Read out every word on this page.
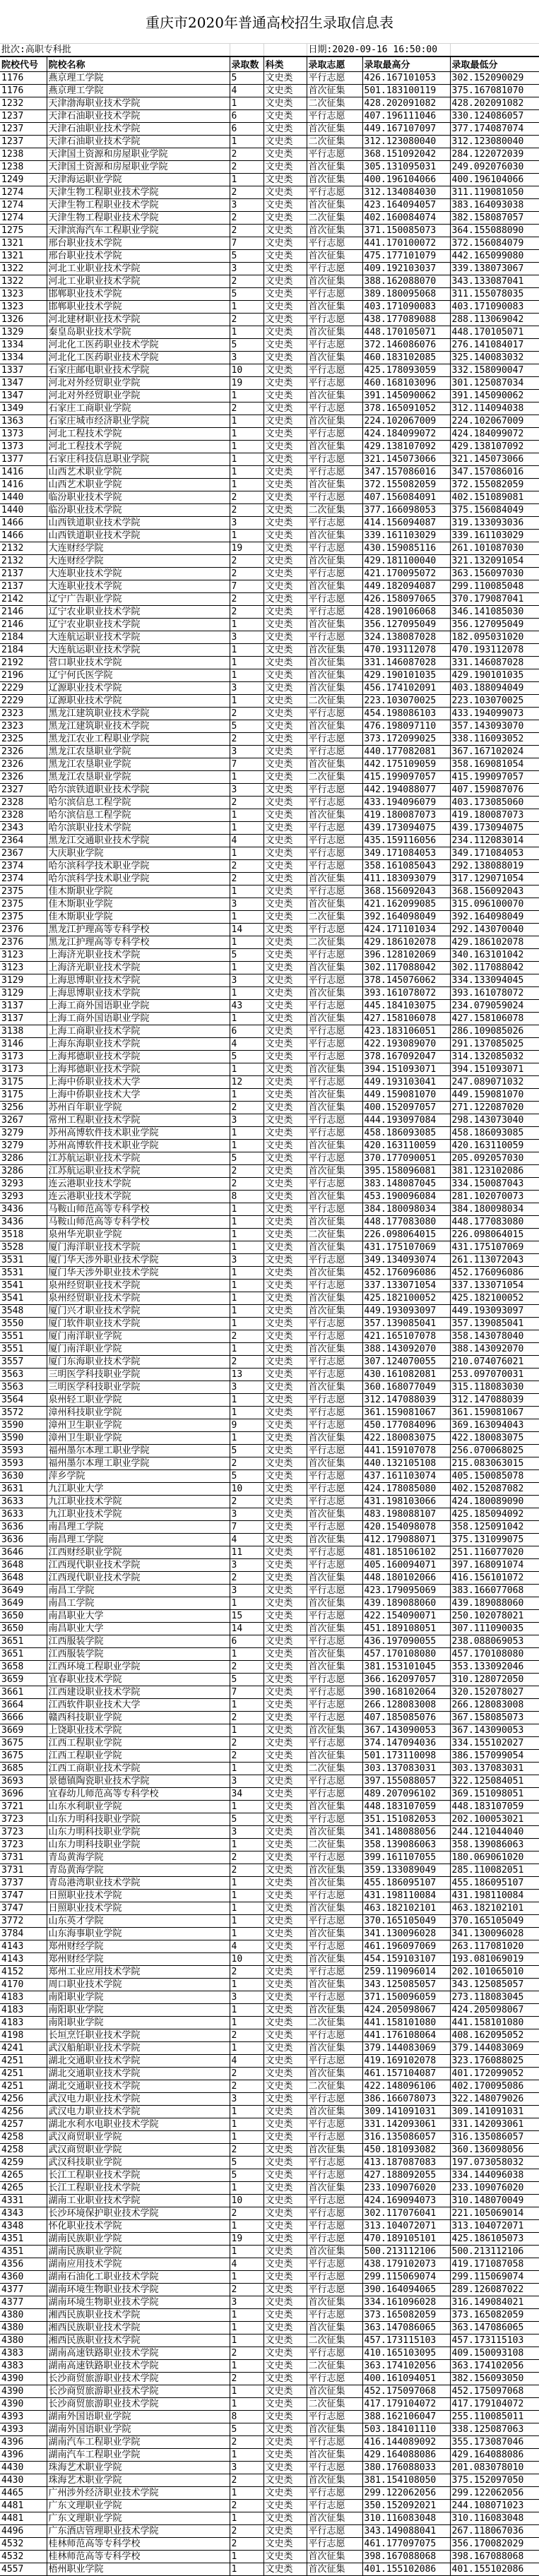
重庆市2020年普通高校招生录取信息表
批次:高职专科批				日期:2020-09-16 16:50:00		
院校代号	院校名称	录取数	科类	录取志愿	录取最高分	录取最低分
1176	燕京理工学院	5	文史类	平行志愿	426.167101053	302.152090029
1176	燕京理工学院	4	文史类	首次征集	501.183100119	375.167081070
1232	天津渤海职业技术学院	1	文史类	二次征集	428.202091082	428.202091082
1237	天津石油职业技术学院	6	文史类	平行志愿	407.196111046	330.124086057
1237	天津石油职业技术学院	6	文史类	首次征集	449.167107097	377.174087074
1237	天津石油职业技术学院	1	文史类	二次征集	312.123080040	312.123080040
1238	天津国土资源和房屋职业学院	2	文史类	平行志愿	368.151092042	284.122072039
1238	天津国土资源和房屋职业学院	2	文史类	首次征集	305.131095031	249.092076030
1249	天津海运职业学院	1	文史类	首次征集	400.196104066	400.196104066
1274	天津生物工程职业技术学院	2	文史类	平行志愿	312.134084030	311.119081050
1274	天津生物工程职业技术学院	3	文史类	首次征集	423.164094057	383.164093038
1274	天津生物工程职业技术学院	2	文史类	二次征集	402.160084074	382.158087057
1275	天津滨海汽车工程职业学院	2	文史类	首次征集	371.150085073	364.155088090
1321	邢台职业技术学院	7	文史类	平行志愿	441.170100072	372.156084079
1321	邢台职业技术学院	5	文史类	首次征集	475.177101079	442.165099080
1322	河北工业职业技术学院	3	文史类	平行志愿	409.192103037	339.138073067
1322	河北工业职业技术学院	2	文史类	首次征集	388.162088070	343.133087041
1323	邯郸职业技术学院	5	文史类	平行志愿	389.180095068	311.155078035
1323	邯郸职业技术学院	1	文史类	首次征集	403.171090083	403.171090083
1326	河北建材职业技术学院	2	文史类	平行志愿	438.177089088	288.113069042
1329	秦皇岛职业技术学院	1	文史类	首次征集	448.170105071	448.170105071
1334	河北化工医药职业技术学院	5	文史类	平行志愿	372.146086076	276.141084017
1334	河北化工医药职业技术学院	3	文史类	首次征集	460.183102085	325.140083032
1337	石家庄邮电职业技术学院	10	文史类	平行志愿	425.178093059	332.158090047
1347	河北对外经贸职业学院	19	文史类	平行志愿	460.168103096	301.125087034
1347	河北对外经贸职业学院	1	文史类	首次征集	391.145090062	391.145090062
1349	石家庄工商职业学院	2	文史类	平行志愿	378.165091052	312.114094038
1363	石家庄城市经济职业学院	1	文史类	首次征集	224.102067009	224.102067009
1373	河北工程技术学院	1	文史类	平行志愿	424.184099072	424.184099072
1373	河北工程技术学院	1	文史类	首次征集	429.138107092	429.138107092
1377	石家庄科技信息职业学院	1	文史类	平行志愿	321.145073066	321.145073066
1416	山西艺术职业学院	1	文史类	平行志愿	347.157086016	347.157086016
1416	山西艺术职业学院	1	文史类	首次征集	372.155082059	372.155082059
1440	临汾职业技术学院	2	文史类	平行志愿	407.156084091	402.151089081
1440	临汾职业技术学院	2	文史类	二次征集	377.166098053	375.156084049
1466	山西铁道职业技术学院	3	文史类	平行志愿	414.156094087	319.133093036
1466	山西铁道职业技术学院	1	文史类	首次征集	339.161103029	339.161103029
2132	大连财经学院	19	文史类	平行志愿	430.159085116	261.101087030
2132	大连财经学院	2	文史类	首次征集	429.181100040	321.132091054
2137	大连职业技术学院	2	文史类	平行志愿	421.170095072	363.156097030
2137	大连职业技术学院	7	文史类	首次征集	449.182094087	299.110085048
2142	辽宁广告职业学院	2	文史类	平行志愿	426.158097065	370.179087041
2146	辽宁农业职业技术学院	2	文史类	平行志愿	428.190106068	346.141085030
2146	辽宁农业职业技术学院	1	文史类	首次征集	356.127095049	356.127095049
2184	大连航运职业技术学院	3	文史类	平行志愿	324.138087028	182.095031020
2184	大连航运职业技术学院	1	文史类	首次征集	470.193112078	470.193112078
2192	营口职业技术学院	1	文史类	首次征集	331.146087028	331.146087028
2196	辽宁何氏医学院	1	文史类	首次征集	429.190101035	429.190101035
2229	辽源职业技术学院	3	文史类	首次征集	456.174102091	403.188094049
2229	辽源职业技术学院	1	文史类	二次征集	223.103070025	223.103070025
2323	黑龙江建筑职业技术学院	2	文史类	平行志愿	454.198086103	433.194099073
2323	黑龙江建筑职业技术学院	5	文史类	首次征集	476.198097110	357.143093070
2325	黑龙江农业工程职业学院	2	文史类	平行志愿	373.172099025	338.116093052
2326	黑龙江农垦职业学院	3	文史类	平行志愿	440.177082081	367.167102024
2326	黑龙江农垦职业学院	7	文史类	首次征集	442.175109059	358.169081054
2326	黑龙江农垦职业学院	1	文史类	二次征集	415.199097057	415.199097057
2327	哈尔滨铁道职业技术学院	3	文史类	平行志愿	442.194088077	407.159087076
2328	哈尔滨信息工程学院	2	文史类	平行志愿	433.194096079	403.173085060
2328	哈尔滨信息工程学院	1	文史类	首次征集	419.180087073	419.180087073
2343	哈尔滨职业技术学院	1	文史类	平行志愿	439.173094075	439.173094075
2364	黑龙江交通职业技术学院	4	文史类	平行志愿	435.159116056	234.112083014
2367	大庆职业学院	1	文史类	平行志愿	349.171084053	349.171084053
2374	哈尔滨科学技术职业学院	2	文史类	平行志愿	358.161085043	292.138088019
2374	哈尔滨科学技术职业学院	2	文史类	首次征集	411.183093079	317.129071054
2375	佳木斯职业学院	1	文史类	平行志愿	368.156092043	368.156092043
2375	佳木斯职业学院	3	文史类	首次征集	421.162099085	315.096100070
2375	佳木斯职业学院	1	文史类	二次征集	392.164098049	392.164098049
2376	黑龙江护理高等专科学校	14	文史类	平行志愿	424.171101034	292.143070040
2376	黑龙江护理高等专科学校	1	文史类	二次征集	429.186102078	429.186102078
3123	上海济光职业技术学院	5	文史类	平行志愿	396.128102069	340.163101042
3123	上海济光职业技术学院	1	文史类	首次征集	302.117088042	302.117088042
3129	上海思博职业技术学院	3	文史类	平行志愿	378.145076062	334.133094045
3129	上海思博职业技术学院	1	文史类	首次征集	393.161078072	393.161078072
3137	上海工商外国语职业学院	43	文史类	平行志愿	445.184103075	234.079059024
3137	上海工商外国语职业学院	1	文史类	首次征集	427.158106078	427.158106078
3138	上海工商职业技术学院	6	文史类	平行志愿	423.183106051	286.109085026
3146	上海东海职业技术学院	4	文史类	平行志愿	422.193089070	291.137085025
3173	上海邦德职业技术学院	5	文史类	平行志愿	378.167092047	314.132085032
3173	上海邦德职业技术学院	1	文史类	首次征集	394.151093071	394.151093071
3175	上海中侨职业技术大学	12	文史类	平行志愿	449.193103041	247.089071032
3175	上海中侨职业技术大学	1	文史类	首次征集	449.159081070	449.159081070
3256	苏州百年职业学院	2	文史类	首次征集	400.152097057	271.122087020
3267	常州工程职业技术学院	3	文史类	平行志愿	444.193097084	298.143073040
3279	苏州高博软件技术职业学院	1	文史类	平行志愿	458.186093085	458.186093085
3279	苏州高博软件技术职业学院	1	文史类	首次征集	420.163110059	420.163110059
3286	江苏航运职业技术学院	5	文史类	平行志愿	370.177090051	205.092057030
3286	江苏航运职业技术学院	2	文史类	首次征集	395.158096081	381.123102086
3293	连云港职业技术学院	2	文史类	平行志愿	383.148087045	334.150087043
3293	连云港职业技术学院	8	文史类	首次征集	453.190096084	281.102070073
3436	马鞍山师范高等专科学校	1	文史类	平行志愿	384.180098034	384.180098034
3436	马鞍山师范高等专科学校	1	文史类	首次征集	448.177083080	448.177083080
3518	泉州华光职业学院	1	文史类	二次征集	226.098064015	226.098064015
3528	厦门海洋职业技术学院	1	文史类	首次征集	431.175107069	431.175107069
3531	厦门华天涉外职业技术学院	3	文史类	平行志愿	349.134093074	261.113072043
3531	厦门华天涉外职业技术学院	1	文史类	首次征集	452.176096086	452.176096086
3541	泉州经贸职业技术学院	1	文史类	平行志愿	337.133071054	337.133071054
3541	泉州经贸职业技术学院	1	文史类	首次征集	425.182100052	425.182100052
3548	厦门兴才职业技术学院	1	文史类	首次征集	449.193093097	449.193093097
3550	厦门软件职业技术学院	1	文史类	平行志愿	357.139085041	357.139085041
3551	厦门南洋职业学院	2	文史类	平行志愿	421.165107078	358.143078040
3551	厦门南洋职业学院	1	文史类	首次征集	388.143092070	388.143092070
3557	厦门东海职业技术学院	2	文史类	平行志愿	307.124070055	210.074076021
3563	三明医学科技职业学院	13	文史类	平行志愿	430.161082081	253.097070031
3563	三明医学科技职业学院	3	文史类	首次征集	360.168077049	315.118083030
3564	泉州轻工职业学院	1	文史类	平行志愿	312.147088039	312.147088039
3572	漳州科技职业学院	1	文史类	平行志愿	361.159081067	361.159081067
3590	漳州卫生职业学院	9	文史类	平行志愿	450.177084096	369.163094043
3590	漳州卫生职业学院	1	文史类	首次征集	422.180083075	422.180083075
3593	福州墨尔本理工职业学院	5	文史类	平行志愿	441.159107078	256.070068025
3593	福州墨尔本理工职业学院	2	文史类	首次征集	440.132105108	215.083063015
3630	萍乡学院	5	文史类	平行志愿	437.161103074	405.150085078
3631	九江职业大学	10	文史类	平行志愿	424.178085080	402.152087082
3633	九江职业技术学院	2	文史类	平行志愿	431.198103066	424.180089090
3633	九江职业技术学院	3	文史类	首次征集	483.198088107	425.185094092
3636	南昌理工学院	7	文史类	平行志愿	420.154098078	358.125091042
3636	南昌理工学院	4	文史类	首次征集	412.179088071	375.131099075
3646	江西财经职业学院	11	文史类	平行志愿	481.185106102	251.116077020
3648	江西现代职业技术学院	3	文史类	平行志愿	405.160094071	397.168091074
3648	江西现代职业技术学院	2	文史类	首次征集	448.180102066	416.156101072
3649	南昌工学院	3	文史类	平行志愿	423.179095069	383.166077068
3649	南昌工学院	1	文史类	首次征集	439.189088060	439.189088060
3650	南昌职业大学	15	文史类	平行志愿	422.154090071	250.102078021
3650	南昌职业大学	14	文史类	首次征集	451.189108051	307.111090035
3651	江西服装学院	6	文史类	平行志愿	436.197090055	238.088069053
3651	江西服装学院	1	文史类	首次征集	457.170108080	457.170108080
3658	江西环境工程职业学院	2	文史类	首次征集	381.153101045	353.133092046
3659	宜春职业技术学院	5	文史类	平行志愿	366.162097057	310.128072050
3661	江西建设职业技术学院	7	文史类	平行志愿	390.168102064	320.152078027
3664	江西软件职业技术大学	1	文史类	平行志愿	266.128083008	266.128083008
3666	赣西科技职业学院	2	文史类	平行志愿	407.185085076	367.158085073
3669	上饶职业技术学院	1	文史类	首次征集	367.143090053	367.143090053
3675	江西工程职业学院	2	文史类	平行志愿	374.147094036	334.155102027
3675	江西工程职业学院	2	文史类	首次征集	501.173110098	386.157099054
3685	江西工商职业技术学院	1	文史类	二次征集	303.137083031	303.137083031
3693	景德镇陶瓷职业技术学院	3	文史类	平行志愿	397.155088057	322.125084051
3696	宜春幼儿师范高等专科学校	34	文史类	平行志愿	489.207096102	369.151098051
3721	山东水利职业学院	1	文史类	首次征集	448.183107059	448.183107059
3723	山东力明科技职业学院	5	文史类	平行志愿	351.151082053	202.100053021
3723	山东力明科技职业学院	3	文史类	首次征集	341.148088056	244.121044040
3723	山东力明科技职业学院	1	文史类	二次征集	358.139086063	358.139086063
3731	青岛黄海学院	2	文史类	平行志愿	399.161107055	180.069061020
3731	青岛黄海学院	2	文史类	首次征集	359.133089049	285.110082051
3737	青岛港湾职业技术学院	1	文史类	首次征集	455.186095107	455.186095107
3747	日照职业技术学院	1	文史类	平行志愿	431.198110084	431.198110084
3747	日照职业技术学院	1	文史类	首次征集	463.182102101	463.182102101
3772	山东英才学院	1	文史类	平行志愿	370.165105049	370.165105049
3784	山东海事职业学院	1	文史类	首次征集	341.130096028	341.130096028
4143	郑州财经学院	4	文史类	平行志愿	461.196097069	263.117081020
4143	郑州财经学院	10	文史类	首次征集	454.159103107	193.081069019
4152	郑州工业应用技术学院	2	文史类	平行志愿	259.119096014	202.101065010
4170	周口职业技术学院	1	文史类	首次征集	343.125085057	343.125085057
4183	南阳职业学院	3	文史类	平行志愿	371.150096059	273.118083045
4183	南阳职业学院	1	文史类	首次征集	424.205098067	424.205098067
4183	南阳职业学院	1	文史类	二次征集	441.158101080	441.158101080
4198	长垣烹饪职业技术学院	2	文史类	平行志愿	441.176108064	408.162095052
4241	武汉船舶职业技术学院	1	文史类	首次征集	379.144083069	379.144083069
4251	湖北交通职业技术学院	4	文史类	平行志愿	419.169102078	323.176088025
4251	湖北交通职业技术学院	2	文史类	首次征集	461.157104087	401.172099052
4251	湖北交通职业技术学院	2	文史类	二次征集	422.148096106	402.170095086
4256	武汉电力职业技术学院	3	文史类	平行志愿	386.166078073	322.148079026
4256	武汉电力职业技术学院	1	文史类	首次征集	309.141091031	309.141091031
4257	湖北水利水电职业技术学院	1	文史类	平行志愿	331.142093061	331.142093061
4258	武汉商贸职业学院	1	文史类	平行志愿	316.135086057	316.135086057
4258	武汉商贸职业学院	2	文史类	首次征集	450.181093082	360.136098056
4259	武汉科技职业学院	5	文史类	平行志愿	413.187087083	197.073058032
4265	长江工程职业技术学院	5	文史类	平行志愿	427.188092055	334.144096038
4265	长江工程职业技术学院	1	文史类	首次征集	233.109076020	233.109076020
4331	湖南工业职业技术学院	10	文史类	平行志愿	424.169094073	310.148070049
4343	长沙环境保护职业技术学院	2	文史类	平行志愿	302.117076041	221.105069014
4348	怀化职业技术学院	1	文史类	平行志愿	313.104072071	313.104072071
4351	湖南民族职业学院	19	文史类	平行志愿	470.189105101	425.186105073
4351	湖南民族职业学院	1	文史类	首次征集	500.213112106	500.213112106
4356	湖南应用技术学院	4	文史类	平行志愿	438.179102073	419.171087058
4360	湖南石油化工职业技术学院	1	文史类	平行志愿	299.115069074	299.115069074
4377	湖南环境生物职业技术学院	2	文史类	平行志愿	390.164094065	289.126087022
4377	湖南环境生物职业技术学院	3	文史类	首次征集	334.161096028	316.149084021
4380	湘西民族职业技术学院	1	文史类	平行志愿	373.165082059	373.165082059
4380	湘西民族职业技术学院	1	文史类	首次征集	363.147086065	363.147086065
4380	湘西民族职业技术学院	1	文史类	二次征集	457.173115103	457.173115103
4383	湖南高速铁路职业技术学院	2	文史类	平行志愿	410.165103095	409.150093108
4383	湖南高速铁路职业技术学院	1	文史类	二次征集	363.174102056	363.174102056
4390	长沙商贸旅游职业技术学院	2	文史类	平行志愿	400.161094051	382.156093050
4390	长沙商贸旅游职业技术学院	1	文史类	首次征集	452.175097068	452.175097068
4390	长沙商贸旅游职业技术学院	1	文史类	二次征集	417.179104072	417.179104072
4393	湖南外国语职业学院	8	文史类	平行志愿	388.162106047	255.110085011
4393	湖南外国语职业学院	5	文史类	首次征集	503.184101110	338.125087063
4396	湖南汽车工程职业学院	2	文史类	平行志愿	416.144089092	355.173087046
4396	湖南汽车工程职业学院	1	文史类	首次征集	429.164088086	429.164088086
4430	珠海艺术职业学院	3	文史类	平行志愿	380.176088033	201.083078010
4430	珠海艺术职业学院	2	文史类	首次征集	381.154108050	375.152097050
4465	广州涉外经济职业技术学院	1	文史类	平行志愿	299.122062056	299.122062056
4481	广东文理职业学院	2	文史类	平行志愿	350.152092021	244.108071023
4481	广东文理职业学院	1	文史类	首次征集	310.116083048	310.116083048
4496	广东酒店管理职业技术学院	2	文史类	平行志愿	343.149088041	267.118067036
4532	桂林师范高等专科学校	2	文史类	平行志愿	461.177097075	356.170082029
4532	桂林师范高等专科学校	1	文史类	首次征集	398.167088068	398.167088068
4557	梧州职业学院	1	文史类	首次征集	401.155102086	401.155102086
